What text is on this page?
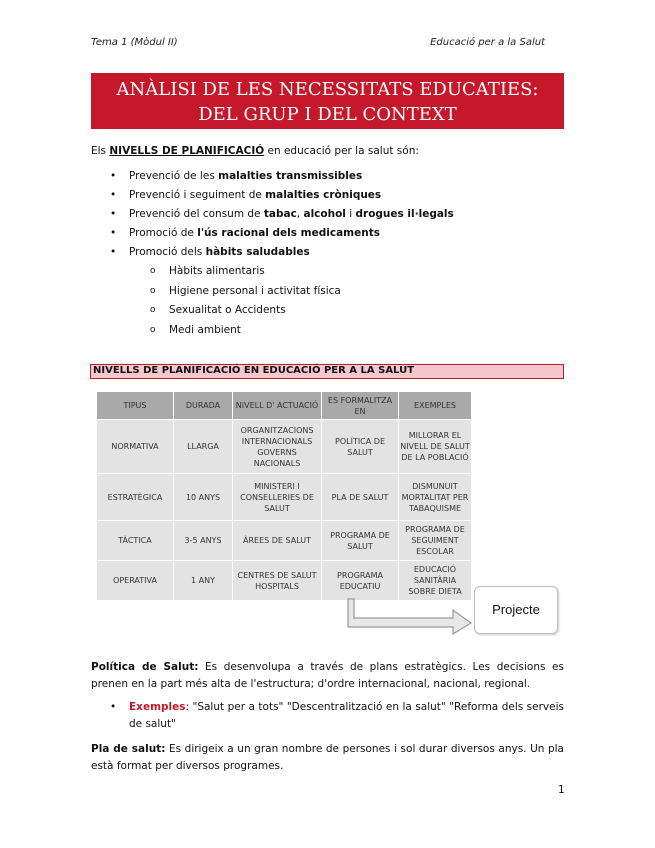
Tema 1 (Mòdul II)	Educació per a la Salut
ANÀLISI DE LES NECESSITATS EDUCATIES:
DEL GRUP I DEL CONTEXT
Els NIVELLS DE PLANIFICACIÓ en educació per la salut són:
• Prevenció de les malalties transmissibles
• Prevenció i seguiment de malalties cròniques
• Prevenció del consum de tabac, alcohol i drogues il·legals
• Promoció de l'ús racional dels medicaments
• Promoció dels hàbits saludables
o Hàbits alimentaris
o Higiene personal i activitat física
o Sexualitat o Accidents
o Medi ambient
NIVELLS DE PLANIFICACIÓ EN EDUCACIÓ PER A LA SALUT
TIPUS	DURADA	NIVELL D' ACTUACIÓ	ES FORMALITZA EN	EXEMPLES
NORMATIVA	LLARGA	ORGANITZACIONS INTERNACIONALS GOVERNS NACIONALS	POLÍTICA DE SALUT	MILLORAR EL NIVELL DE SALUT DE LA POBLACIÓ
ESTRATÈGICA	10 ANYS	MINISTERI I CONSELLERIES DE SALUT	PLA DE SALUT	DISMUNUIT MORTALITAT PER TABAQUISME
TÀCTICA	3-5 ANYS	ÀREES DE SALUT	PROGRAMA DE SALUT	PROGRAMA DE SEGUIMENT ESCOLAR
OPERATIVA	1 ANY	CENTRES DE SALUT HOSPITALS	PROGRAMA EDUCATIU	EDUCACIÓ SANITÀRIA SOBRE DIETA
Projecte
Política de Salut: Es desenvolupa a través de plans estratègics. Les decisions es prenen en la part més alta de l'estructura; d'ordre internacional, nacional, regional.
•	Exemples: "Salut per a tots" "Descentralització en la salut" "Reforma dels serveis de salut"
Pla de salut: Es dirigeix a un gran nombre de persones i sol durar diversos anys. Un pla està format per diversos programes.
1
